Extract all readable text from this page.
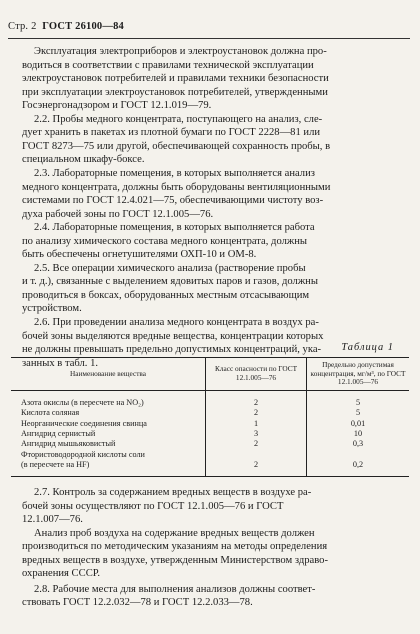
Стр. 2 ГОСТ 26100—84
Эксплуатация электроприборов и электроустановок должна про-
водиться в соответствии с правилами технической эксплуатации
электроустановок потребителей и правилами техники безопасности
при эксплуатации электроустановок потребителей, утвержденными
Госэнергонадзором и ГОСТ 12.1.019—79.
2.2. Пробы медного концентрата, поступающего на анализ, сле-
дует хранить в пакетах из плотной бумаги по ГОСТ 2228—81 или
ГОСТ 8273—75 или другой, обеспечивающей сохранность пробы, в
специальном шкафу-боксе.
2.3. Лабораторные помещения, в которых выполняется анализ
медного концентрата, должны быть оборудованы вентиляционными
системами по ГОСТ 12.4.021—75, обеспечивающими чистоту воз-
духа рабочей зоны по ГОСТ 12.1.005—76.
2.4. Лабораторные помещения, в которых выполняется работа
по анализу химического состава медного концентрата, должны
быть обеспечены огнетушителями ОХП-10 и ОМ-8.
2.5. Все операции химического анализа (растворение пробы
и т. д.), связанные с выделением ядовитых паров и газов, должны
проводиться в боксах, оборудованных местным отсасывающим
устройством.
2.6. При проведении анализа медного концентрата в воздух ра-
бочей зоны выделяются вредные вещества, концентрации которых
не должны превышать предельно допустимых концентраций, ука-
занных в табл. 1.
Таблица 1
Наименование вещества	Класс опасности по ГОСТ 12.1.005—76	Предельно допустимая концентрация, мг/м³, по ГОСТ 12.1.005—76
Азота окислы (в пересчете на NO₂)	2	5
Кислота соляная	2	5
Неорганические соединения свинца	1	0,01
Ангидрид сернистый	3	10
Ангидрид мышьяковистый	2	0,3
Фтористоводородной кислоты соли		
(в пересчете на HF)	2	0,2
2.7. Контроль за содержанием вредных веществ в воздухе ра-
бочей зоны осуществляют по ГОСТ 12.1.005—76 и ГОСТ
12.1.007—76.
Анализ проб воздуха на содержание вредных веществ должен
производиться по методическим указаниям на методы определения
вредных веществ в воздухе, утвержденным Министерством здраво-
охранения СССР.
2.8. Рабочие места для выполнения анализов должны соответ-
ствовать ГОСТ 12.2.032—78 и ГОСТ 12.2.033—78.
